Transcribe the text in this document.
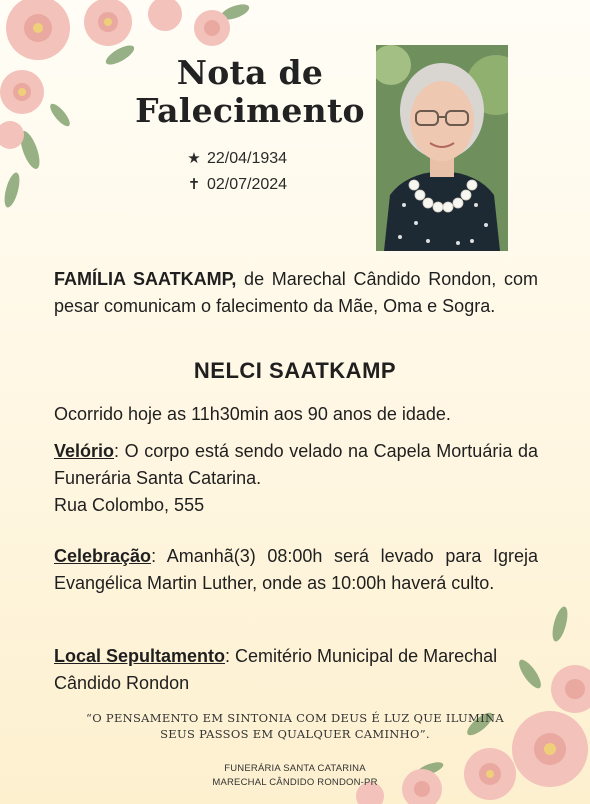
Nota de
Falecimento
★ 22/04/1934
✝ 02/07/2024
FAMÍLIA SAATKAMP, de Marechal Cândido Rondon, com pesar comunicam o falecimento da Mãe, Oma e Sogra.
NELCI SAATKAMP
Ocorrido hoje as 11h30min aos 90 anos de idade.
Velório: O corpo está sendo velado na Capela Mortuária da Funerária Santa Catarina.
Rua Colombo, 555
Celebração: Amanhã(3) 08:00h será levado para Igreja Evangélica Martin Luther, onde as 10:00h haverá culto.
Local Sepultamento: Cemitério Municipal de Marechal Cândido Rondon
“O PENSAMENTO EM SINTONIA COM DEUS É LUZ QUE ILUMINA SEUS PASSOS EM QUALQUER CAMINHO”.
FUNERÁRIA SANTA CATARINA
MARECHAL CÂNDIDO RONDON-PR
